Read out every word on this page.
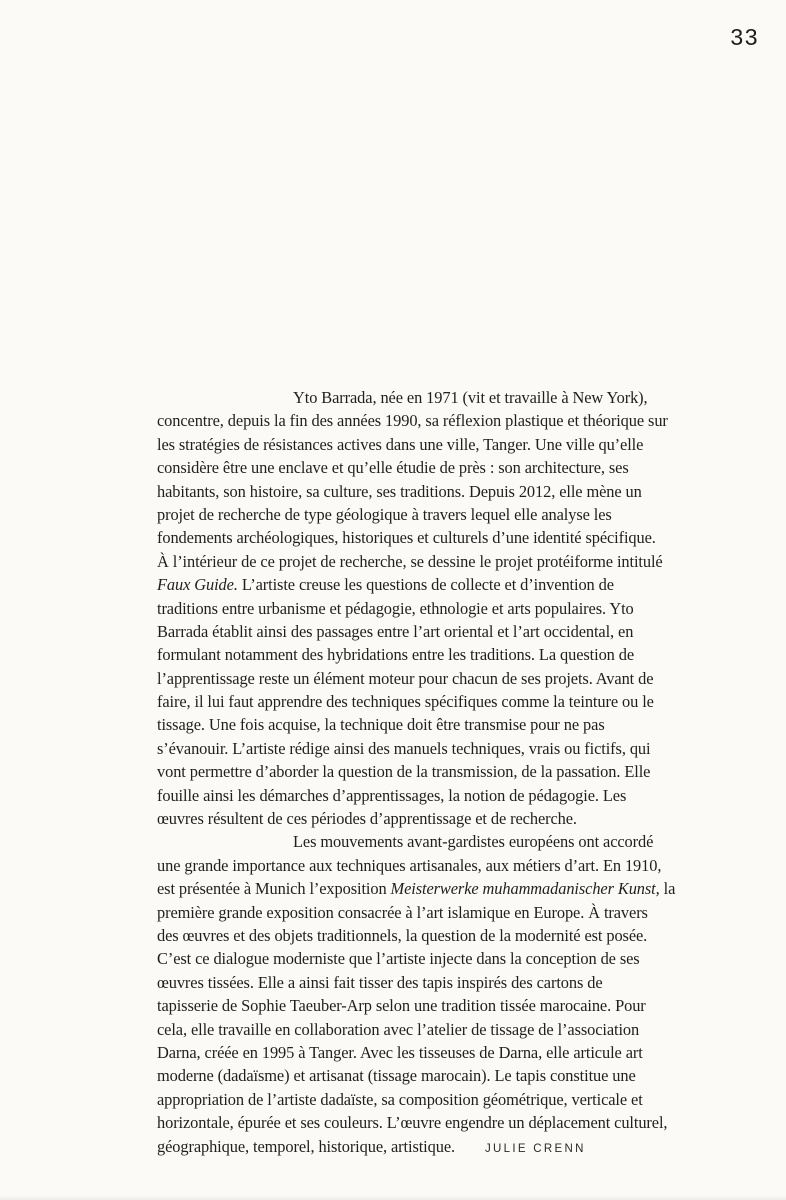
33
Yto Barrada, née en 1971 (vit et travaille à New York),
concentre, depuis la fin des années 1990, sa réflexion plastique et théorique sur
les stratégies de résistances actives dans une ville, Tanger. Une ville qu’elle
considère être une enclave et qu’elle étudie de près : son architecture, ses
habitants, son histoire, sa culture, ses traditions. Depuis 2012, elle mène un
projet de recherche de type géologique à travers lequel elle analyse les
fondements archéologiques, historiques et culturels d’une identité spécifique.
À l’intérieur de ce projet de recherche, se dessine le projet protéiforme intitulé
Faux Guide. L’artiste creuse les questions de collecte et d’invention de
traditions entre urbanisme et pédagogie, ethnologie et arts populaires. Yto
Barrada établit ainsi des passages entre l’art oriental et l’art occidental, en
formulant notamment des hybridations entre les traditions. La question de
l’apprentissage reste un élément moteur pour chacun de ses projets. Avant de
faire, il lui faut apprendre des techniques spécifiques comme la teinture ou le
tissage. Une fois acquise, la technique doit être transmise pour ne pas
s’évanouir. L’artiste rédige ainsi des manuels techniques, vrais ou fictifs, qui
vont permettre d’aborder la question de la transmission, de la passation. Elle
fouille ainsi les démarches d’apprentissages, la notion de pédagogie. Les
œuvres résultent de ces périodes d’apprentissage et de recherche.
Les mouvements avant-gardistes européens ont accordé
une grande importance aux techniques artisanales, aux métiers d’art. En 1910,
est présentée à Munich l’exposition Meisterwerke muhammadanischer Kunst, la
première grande exposition consacrée à l’art islamique en Europe. À travers
des œuvres et des objets traditionnels, la question de la modernité est posée.
C’est ce dialogue moderniste que l’artiste injecte dans la conception de ses
œuvres tissées. Elle a ainsi fait tisser des tapis inspirés des cartons de
tapisserie de Sophie Taeuber-Arp selon une tradition tissée marocaine. Pour
cela, elle travaille en collaboration avec l’atelier de tissage de l’association
Darna, créée en 1995 à Tanger. Avec les tisseuses de Darna, elle articule art
moderne (dadaïsme) et artisanat (tissage marocain). Le tapis constitue une
appropriation de l’artiste dadaïste, sa composition géométrique, verticale et
horizontale, épurée et ses couleurs. L’œuvre engendre un déplacement culturel,
géographique, temporel, historique, artistique.	JULIE CRENN
